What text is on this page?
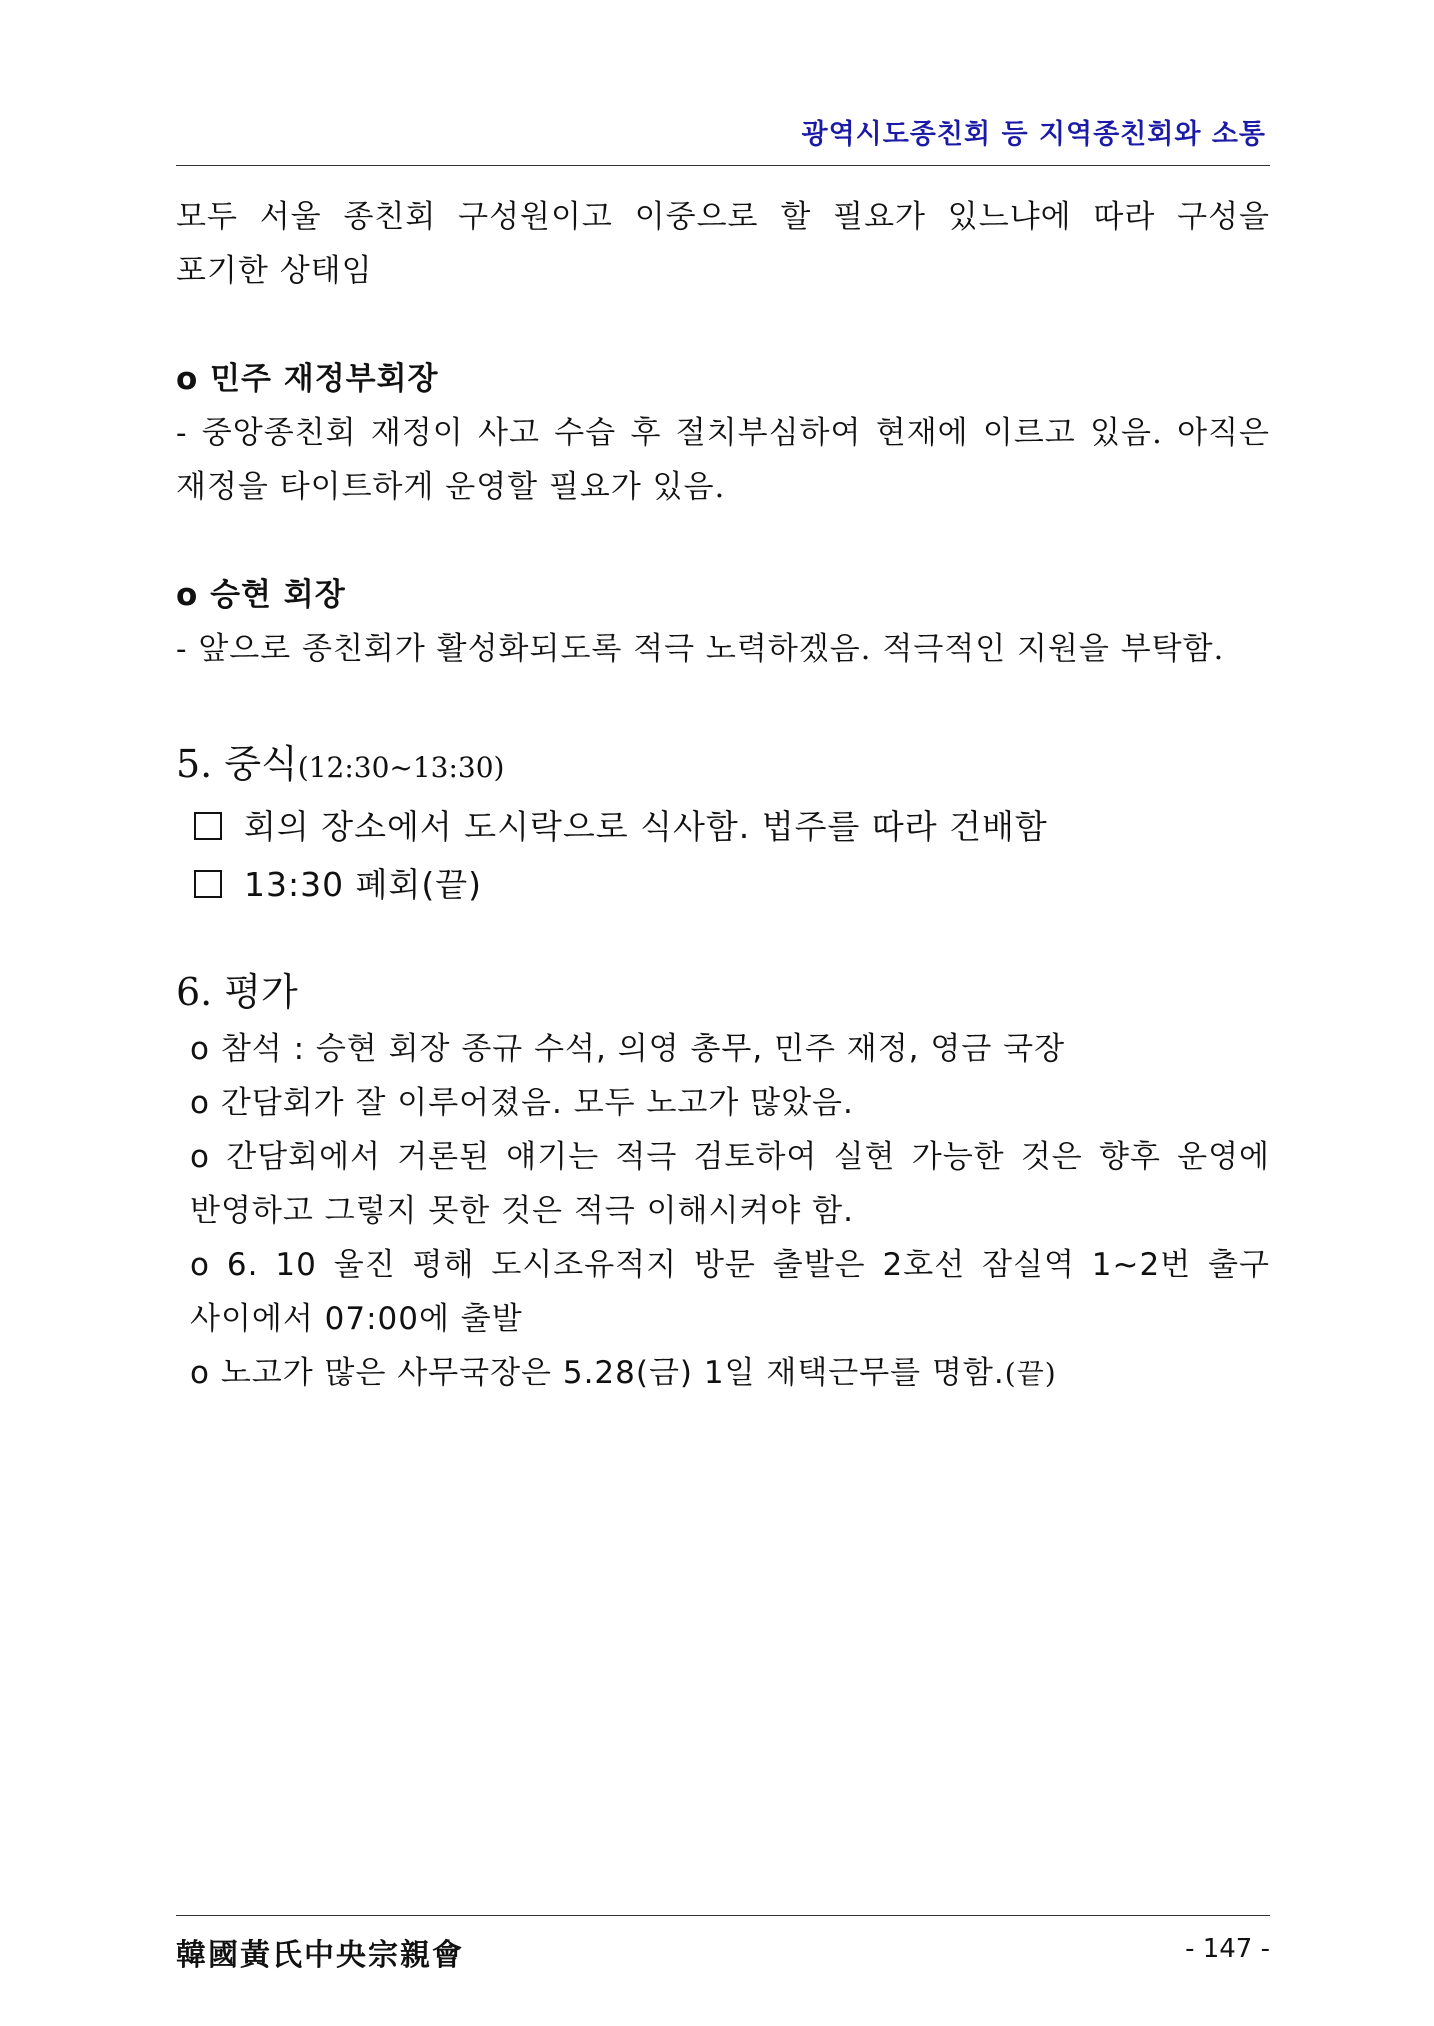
광역시도종친회 등 지역종친회와 소통

모두 서울 종친회 구성원이고 이중으로 할 필요가 있느냐에 따라 구성을 포기한 상태임

o 민주 재정부회장

- 중앙종친회 재정이 사고 수습 후 절치부심하여 현재에 이르고 있음. 아직은 재정을 타이트하게 운영할 필요가 있음.

o 승현 회장

- 앞으로 종친회가 활성화되도록 적극 노력하겠음. 적극적인 지원을 부탁함.

5. 중식(12:30~13:30)

회의 장소에서 도시락으로 식사함. 법주를 따라 건배함

13:30 폐회(끝)

6. 평가

o 참석 : 승현 회장 종규 수석, 의영 총무, 민주 재정, 영금 국장

o 간담회가 잘 이루어졌음. 모두 노고가 많았음.

o 간담회에서 거론된 얘기는 적극 검토하여 실현 가능한 것은 향후 운영에 반영하고 그렇지 못한 것은 적극 이해시켜야 함.

o 6. 10 울진 평해 도시조유적지 방문 출발은 2호선 잠실역 1~2번 출구 사이에서 07:00에 출발

o 노고가 많은 사무국장은 5.28(금) 1일 재택근무를 명함.(끝)

韓國黃氏中央宗親會	- 147 -
